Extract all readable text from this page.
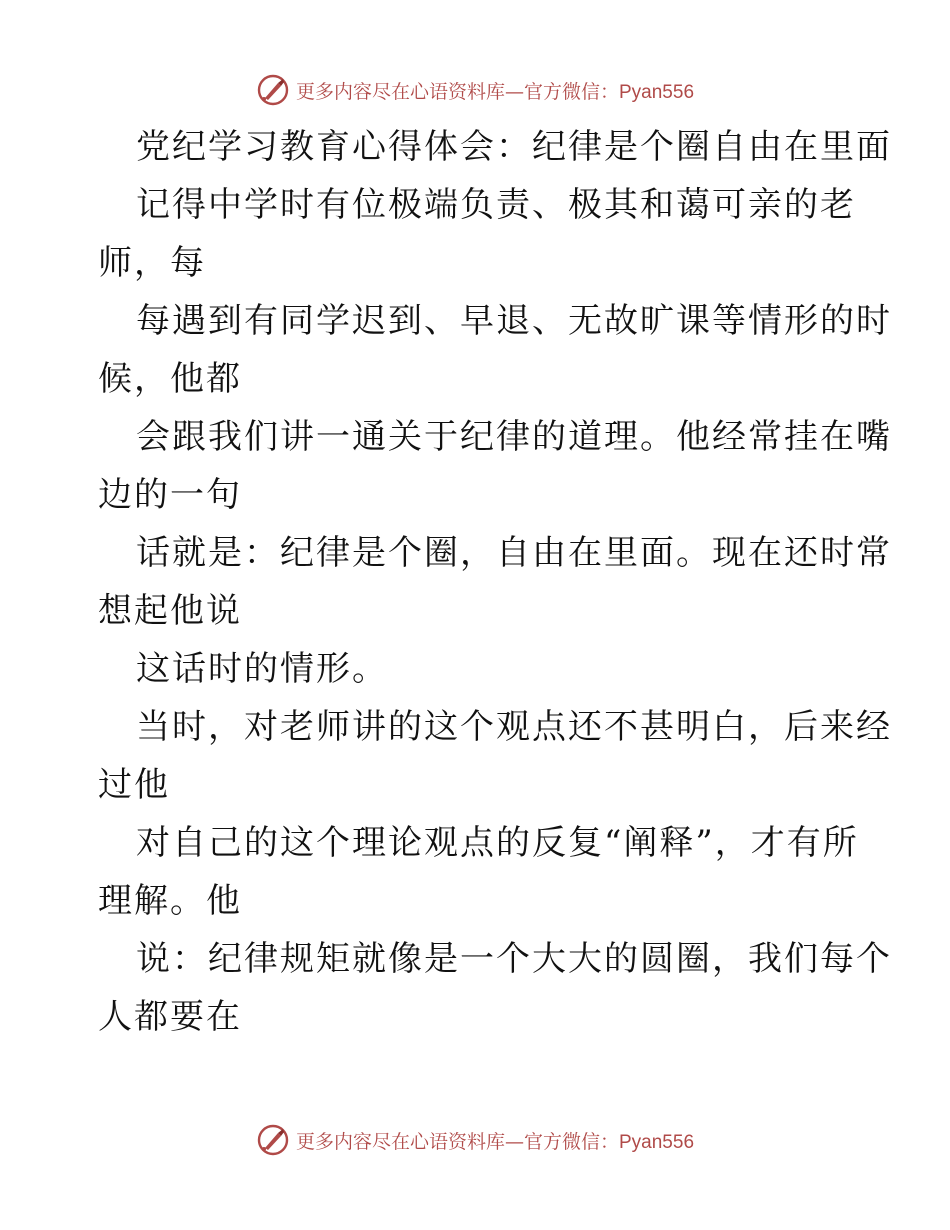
更多内容尽在心语资料库—官方微信：Pyan556
党纪学习教育心得体会：纪律是个圈自由在里面
记得中学时有位极端负责、极其和蔼可亲的老
师，每
每遇到有同学迟到、早退、无故旷课等情形的时
候，他都
会跟我们讲一通关于纪律的道理。他经常挂在嘴
边的一句
话就是：纪律是个圈，自由在里面。现在还时常
想起他说
这话时的情形。
当时，对老师讲的这个观点还不甚明白，后来经
过他
对自己的这个理论观点的反复“阐释”，才有所
理解。他
说：纪律规矩就像是一个大大的圆圈，我们每个
人都要在
更多内容尽在心语资料库—官方微信：Pyan556
